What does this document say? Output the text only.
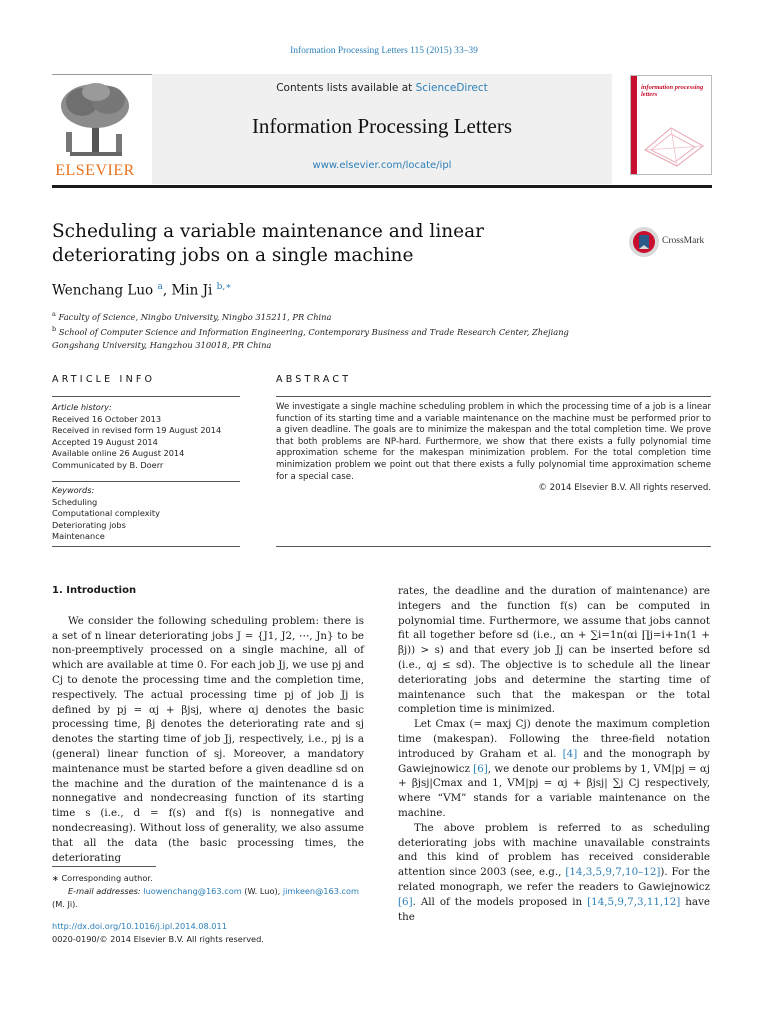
Information Processing Letters 115 (2015) 33–39
ELSEVIER
Contents lists available at ScienceDirect
Information Processing Letters
www.elsevier.com/locate/ipl
information processing letters
Scheduling a variable maintenance and linear deteriorating jobs on a single machine
CrossMark
Wenchang Luo $^a$, Min Ji $^{b,∗}$
$^a$ Faculty of Science, Ningbo University, Ningbo 315211, PR China
$^b$ School of Computer Science and Information Engineering, Contemporary Business and Trade Research Center, Zhejiang Gongshang University, Hangzhou 310018, PR China
ARTICLE INFO	ABSTRACT
Article history:
Received 16 October 2013
Received in revised form 19 August 2014
Accepted 19 August 2014
Available online 26 August 2014
Communicated by B. Doerr
Keywords:
Scheduling
Computational complexity
Deteriorating jobs
Maintenance
We investigate a single machine scheduling problem in which the processing time of a job is a linear function of its starting time and a variable maintenance on the machine must be performed prior to a given deadline. The goals are to minimize the makespan and the total completion time. We prove that both problems are NP-hard. Furthermore, we show that there exists a fully polynomial time approximation scheme for the makespan minimization problem. For the total completion time minimization problem we point out that there exists a fully polynomial time approximation scheme for a special case.
© 2014 Elsevier B.V. All rights reserved.
1. Introduction

We consider the following scheduling problem: there is a set of n linear deteriorating jobs J = {J1, J2, ⋯, Jn} to be non-preemptively processed on a single machine, all of which are available at time 0. For each job Jj, we use pj and Cj to denote the processing time and the completion time, respectively. The actual processing time pj of job Jj is defined by pj = αj + βjsj, where αj denotes the basic processing time, βj denotes the deteriorating rate and sj denotes the starting time of job Jj, respectively, i.e., pj is a (general) linear function of sj. Moreover, a mandatory maintenance must be started before a given deadline sd on the machine and the duration of the maintenance d is a nonnegative and nondecreasing function of its starting time s (i.e., d = f(s) and f(s) is nonnegative and nondecreasing). Without loss of generality, we also assume that all the data (the basic processing times, the deteriorating

rates, the deadline and the duration of maintenance) are integers and the function f(s) can be computed in polynomial time. Furthermore, we assume that jobs cannot fit all together before sd (i.e., αn + ∑i=1n(αi ∏j=i+1n(1 + βj)) > s) and that every job Jj can be inserted before sd (i.e., αj ≤ sd). The objective is to schedule all the linear deteriorating jobs and determine the starting time of maintenance such that the makespan or the total completion time is minimized.

Let Cmax (= maxj Cj) denote the maximum completion time (makespan). Following the three-field notation introduced by Graham et al. [4] and the monograph by Gawiejnowicz [6], we denote our problems by 1, VM|pj = αj + βjsj|Cmax and 1, VM|pj = αj + βjsj| ∑j Cj respectively, where “VM” stands for a variable maintenance on the machine.

The above problem is referred to as scheduling deteriorating jobs with machine unavailable constraints and this kind of problem has received considerable attention since 2003 (see, e.g., [14,3,5,9,7,10–12]). For the related monograph, we refer the readers to Gawiejnowicz [6]. All of the models proposed in [14,5,9,7,3,11,12] have the

∗ Corresponding author.
E-mail addresses: luowenchang@163.com (W. Luo), jimkeen@163.com
(M. Ji).
http://dx.doi.org/10.1016/j.ipl.2014.08.011
0020-0190/© 2014 Elsevier B.V. All rights reserved.
